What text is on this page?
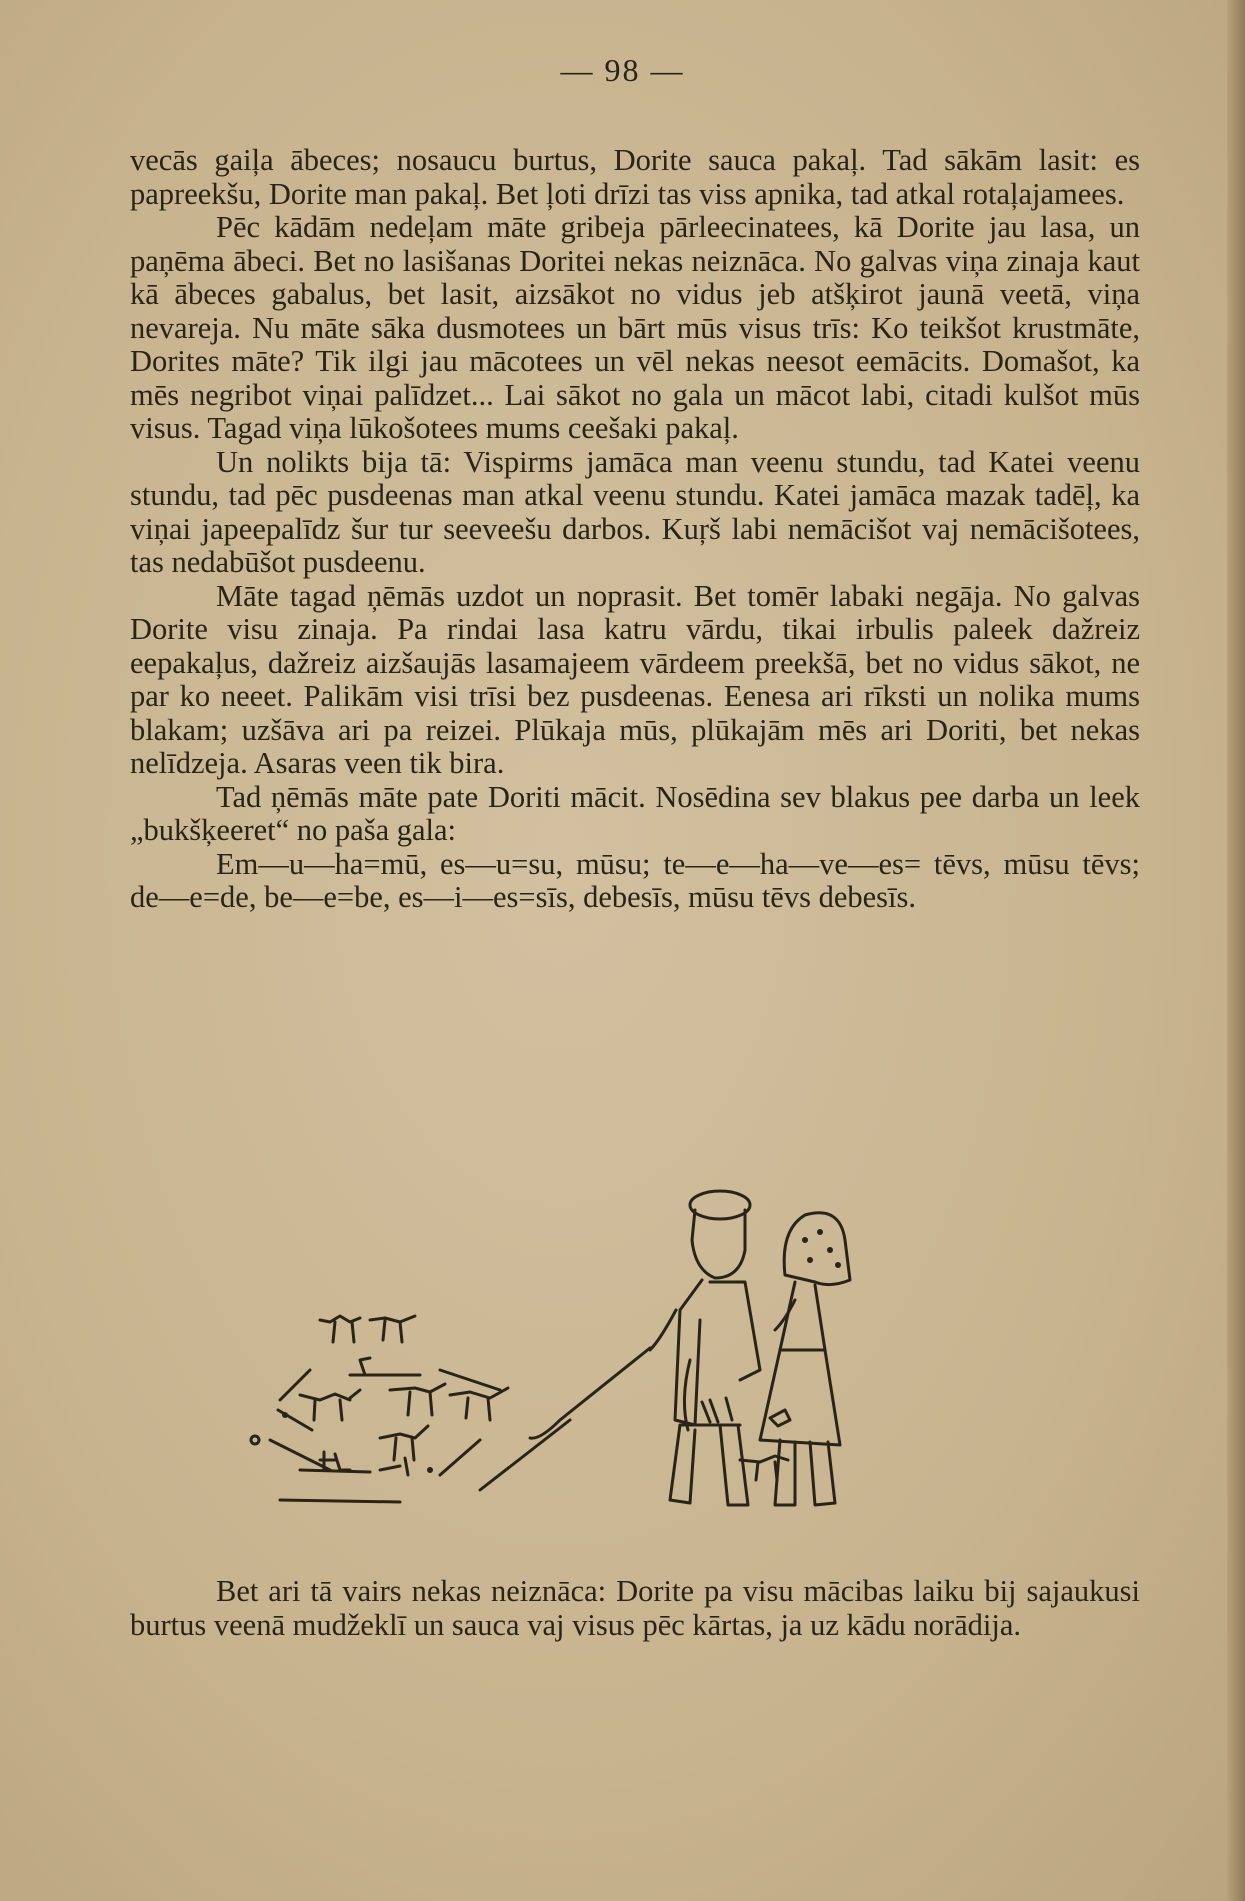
— 98 —

vecās gaiļa ābeces; nosaucu burtus, Dorite sauca pakaļ. Tad sākām lasit: es papreekšu, Dorite man pakaļ. Bet ļoti drīzi tas viss apnika, tad atkal rotaļajamees.

Pēc kādām nedeļam māte gribeja pārleecinatees, kā Dorite jau lasa, un paņēma ābeci. Bet no lasišanas Doritei nekas neiznāca. No galvas viņa zinaja kaut kā ābeces gabalus, bet lasit, aizsākot no vidus jeb atšķirot jaunā veetā, viņa nevareja. Nu māte sāka dusmotees un bārt mūs visus trīs: Ko teikšot krustmāte, Dorites māte? Tik ilgi jau mācotees un vēl nekas neesot eemācits. Domašot, ka mēs negribot viņai palīdzet... Lai sākot no gala un mācot labi, citadi kulšot mūs visus. Tagad viņa lūkošotees mums ceešaki pakaļ.

Un nolikts bija tā: Vispirms jamāca man veenu stundu, tad Katei veenu stundu, tad pēc pusdeenas man atkal veenu stundu. Katei jamāca mazak tadēļ, ka viņai japeepalīdz šur tur seeveešu darbos. Kuŗš labi nemācišot vaj nemācišotees, tas nedabūšot pusdeenu.

Māte tagad ņēmās uzdot un noprasit. Bet tomēr labaki negāja. No galvas Dorite visu zinaja. Pa rindai lasa katru vārdu, tikai irbulis paleek dažreiz eepakaļus, dažreiz aizšaujās lasamajeem vārdeem preekšā, bet no vidus sākot, ne par ko neeet. Palikām visi trīsi bez pusdeenas. Eenesa ari rīksti un nolika mums blakam; uzšāva ari pa reizei. Plūkaja mūs, plūkajām mēs ari Doriti, bet nekas nelīdzeja. Asaras veen tik bira.

Tad ņēmās māte pate Doriti mācit. Nosēdina sev blakus pee darba un leek „bukšķeeret“ no paša gala:

Em—u—ha=mū, es—u=su, mūsu; te—e—ha—ve—es= tēvs, mūsu tēvs; de—e=de, be—e=be, es—i—es=sīs, debesīs, mūsu tēvs debesīs.

Bet ari tā vairs nekas neiznāca: Dorite pa visu mācibas laiku bij sajaukusi burtus veenā mudžeklī un sauca vaj visus pēc kārtas, ja uz kādu norādija.
